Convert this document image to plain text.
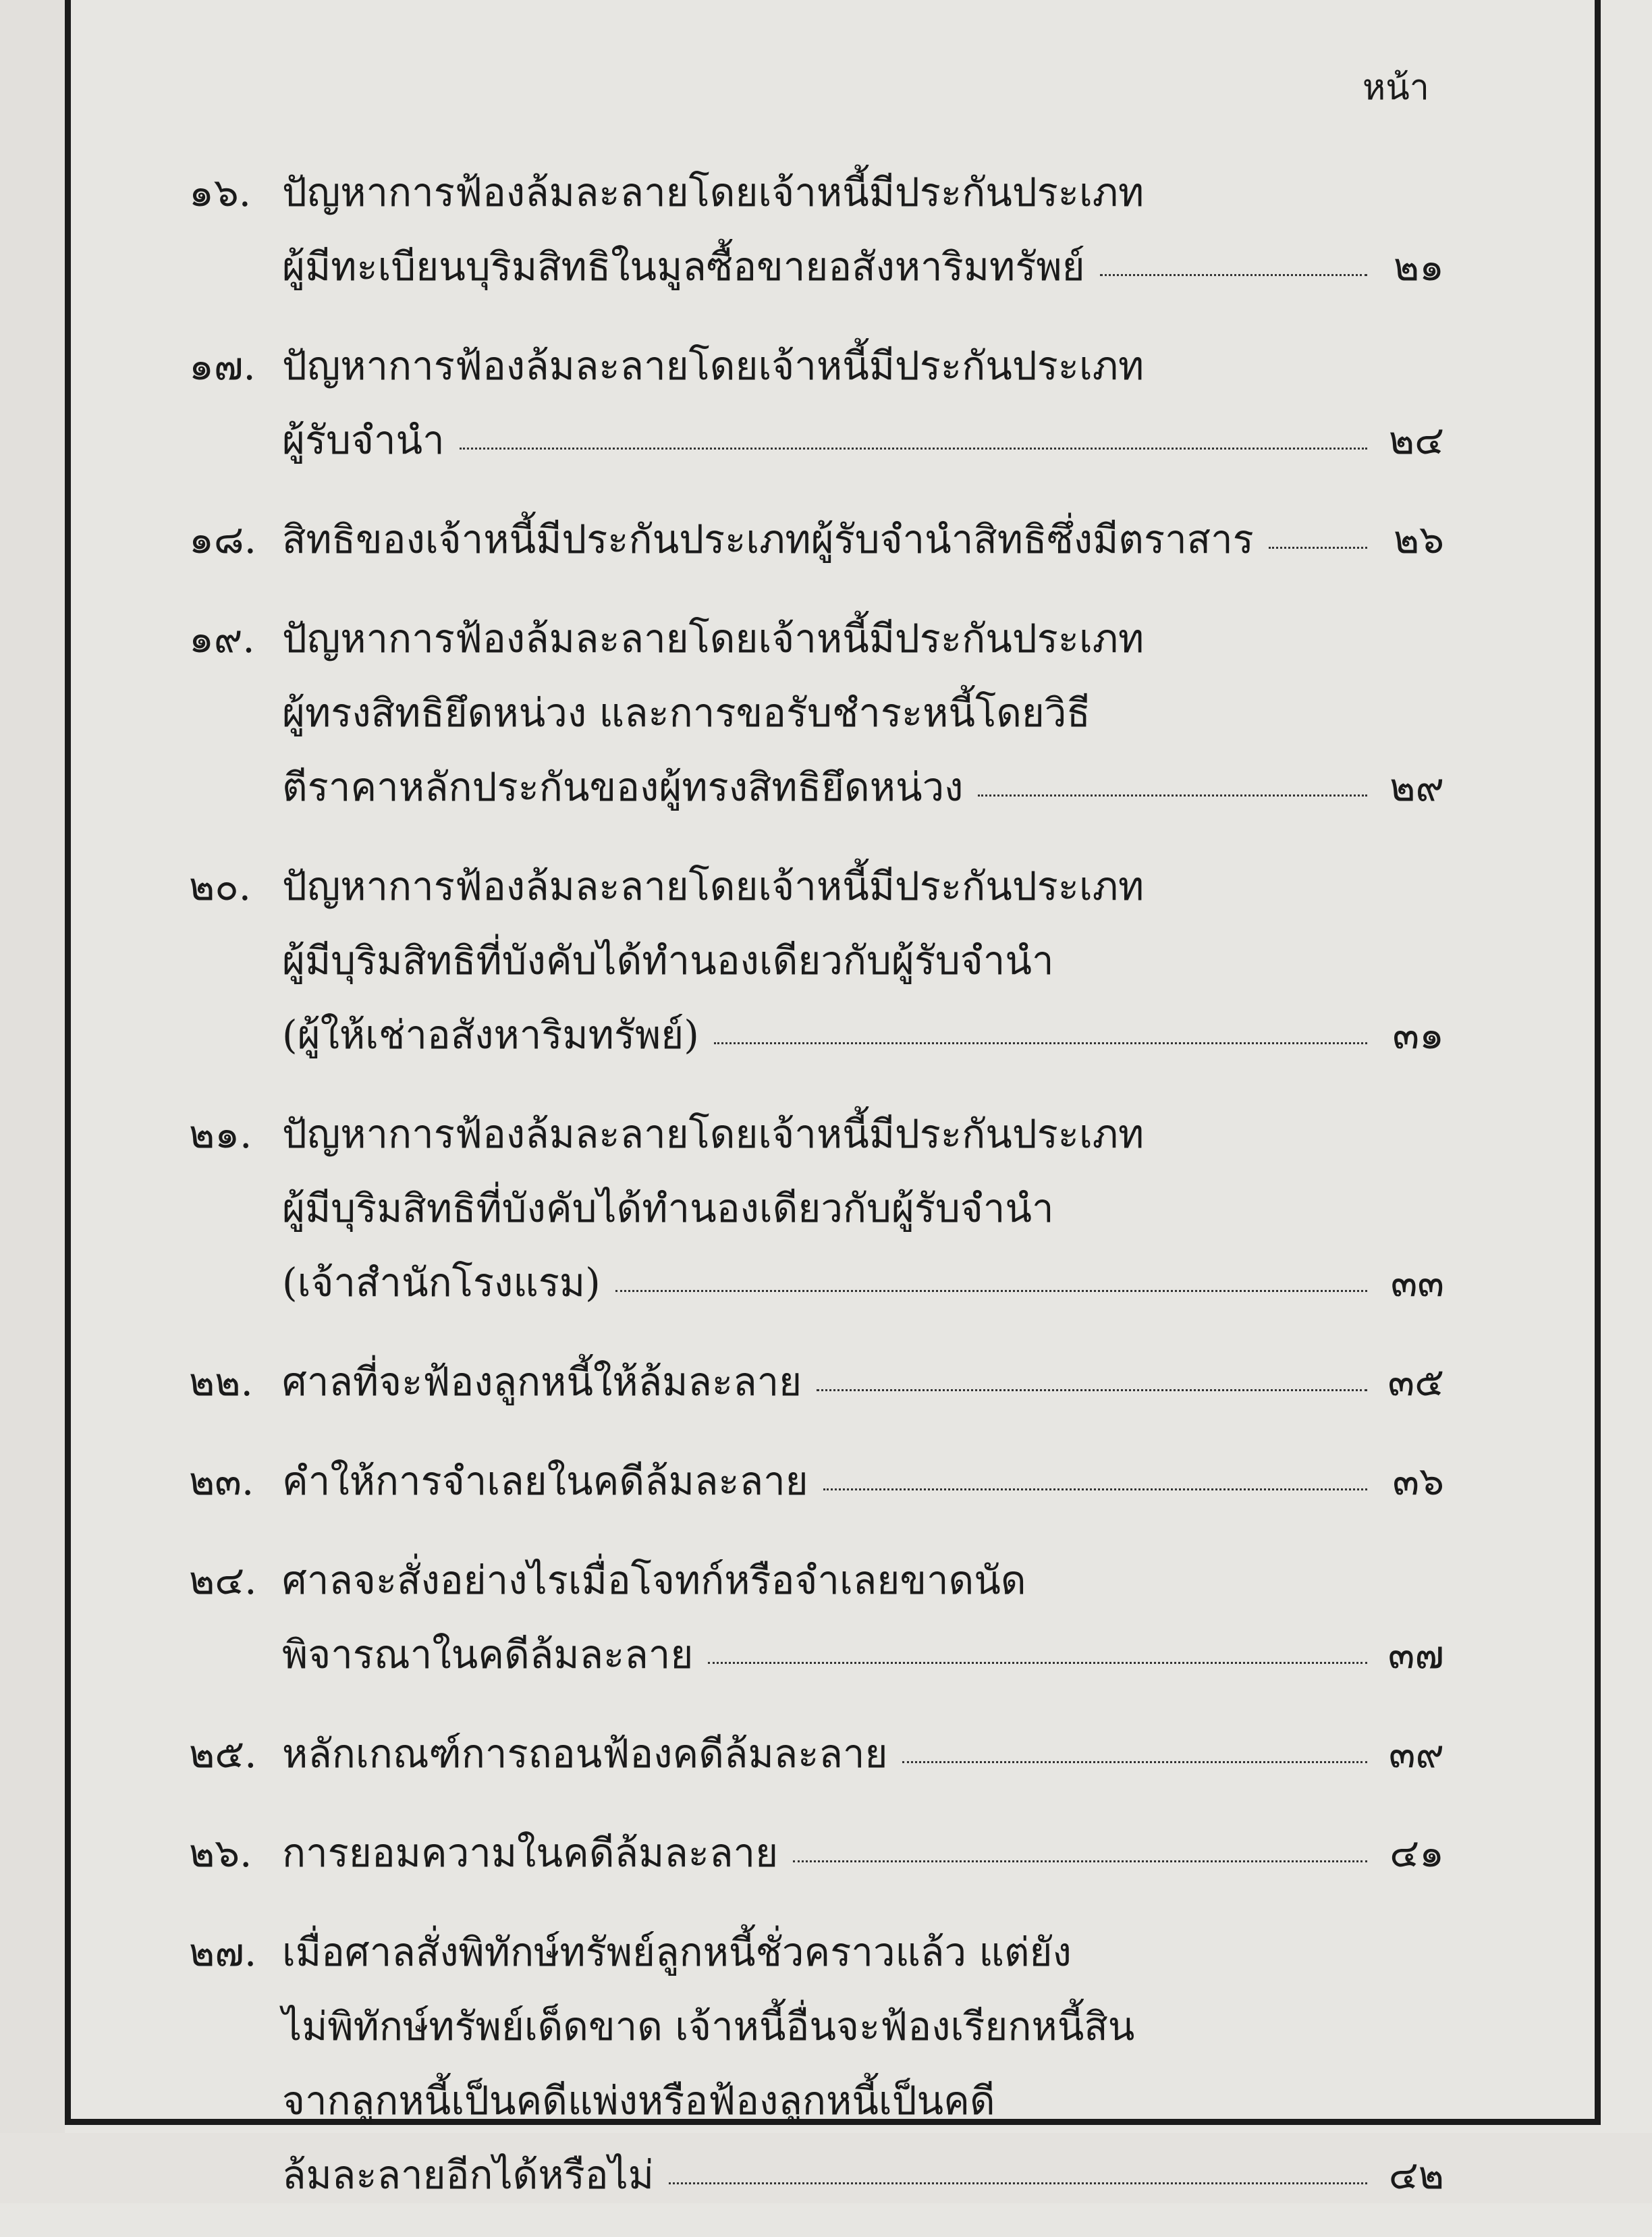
หน้า
๑๖. ปัญหาการฟ้องล้มละลายโดยเจ้าหนี้มีประกันประเภท
ผู้มีทะเบียนบุริมสิทธิในมูลซื้อขายอสังหาริมทรัพย์	๒๑
๑๗. ปัญหาการฟ้องล้มละลายโดยเจ้าหนี้มีประกันประเภท
ผู้รับจำนำ	๒๔
๑๘. สิทธิของเจ้าหนี้มีประกันประเภทผู้รับจำนำสิทธิซึ่งมีตราสาร	๒๖
๑๙. ปัญหาการฟ้องล้มละลายโดยเจ้าหนี้มีประกันประเภท
ผู้ทรงสิทธิยึดหน่วง และการขอรับชำระหนี้โดยวิธี
ตีราคาหลักประกันของผู้ทรงสิทธิยึดหน่วง	๒๙
๒๐. ปัญหาการฟ้องล้มละลายโดยเจ้าหนี้มีประกันประเภท
ผู้มีบุริมสิทธิที่บังคับได้ทำนองเดียวกับผู้รับจำนำ
(ผู้ให้เช่าอสังหาริมทรัพย์)	๓๑
๒๑. ปัญหาการฟ้องล้มละลายโดยเจ้าหนี้มีประกันประเภท
ผู้มีบุริมสิทธิที่บังคับได้ทำนองเดียวกับผู้รับจำนำ
(เจ้าสำนักโรงแรม)	๓๓
๒๒. ศาลที่จะฟ้องลูกหนี้ให้ล้มละลาย	๓๕
๒๓. คำให้การจำเลยในคดีล้มละลาย	๓๖
๒๔. ศาลจะสั่งอย่างไรเมื่อโจทก์หรือจำเลยขาดนัด
พิจารณาในคดีล้มละลาย	๓๗
๒๕. หลักเกณฑ์การถอนฟ้องคดีล้มละลาย	๓๙
๒๖. การยอมความในคดีล้มละลาย	๔๑
๒๗. เมื่อศาลสั่งพิทักษ์ทรัพย์ลูกหนี้ชั่วคราวแล้ว แต่ยัง
ไม่พิทักษ์ทรัพย์เด็ดขาด เจ้าหนี้อื่นจะฟ้องเรียกหนี้สิน
จากลูกหนี้เป็นคดีแพ่งหรือฟ้องลูกหนี้เป็นคดี
ล้มละลายอีกได้หรือไม่	๔๒
